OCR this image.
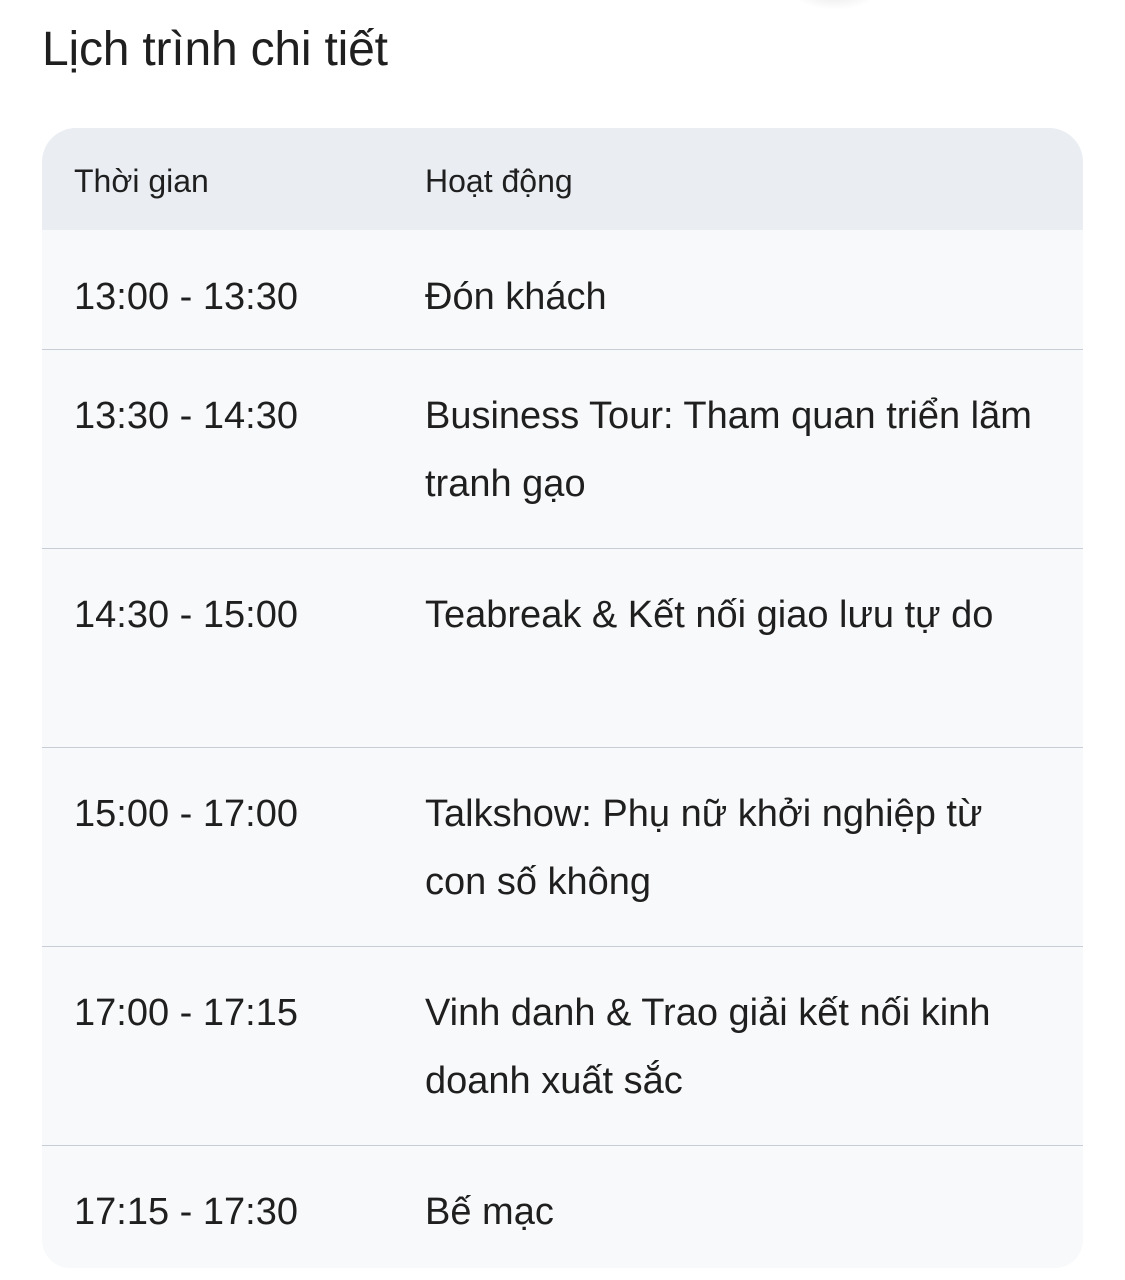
Lịch trình chi tiết
Thời gian	Hoạt động
13:00 - 13:30	Đón khách
13:30 - 14:30	Business Tour: Tham quan triển lãm tranh gạo
14:30 - 15:00	Teabreak & Kết nối giao lưu tự do
15:00 - 17:00	Talkshow: Phụ nữ khởi nghiệp từ con số không
17:00 - 17:15	Vinh danh & Trao giải kết nối kinh doanh xuất sắc
17:15 - 17:30	Bế mạc
